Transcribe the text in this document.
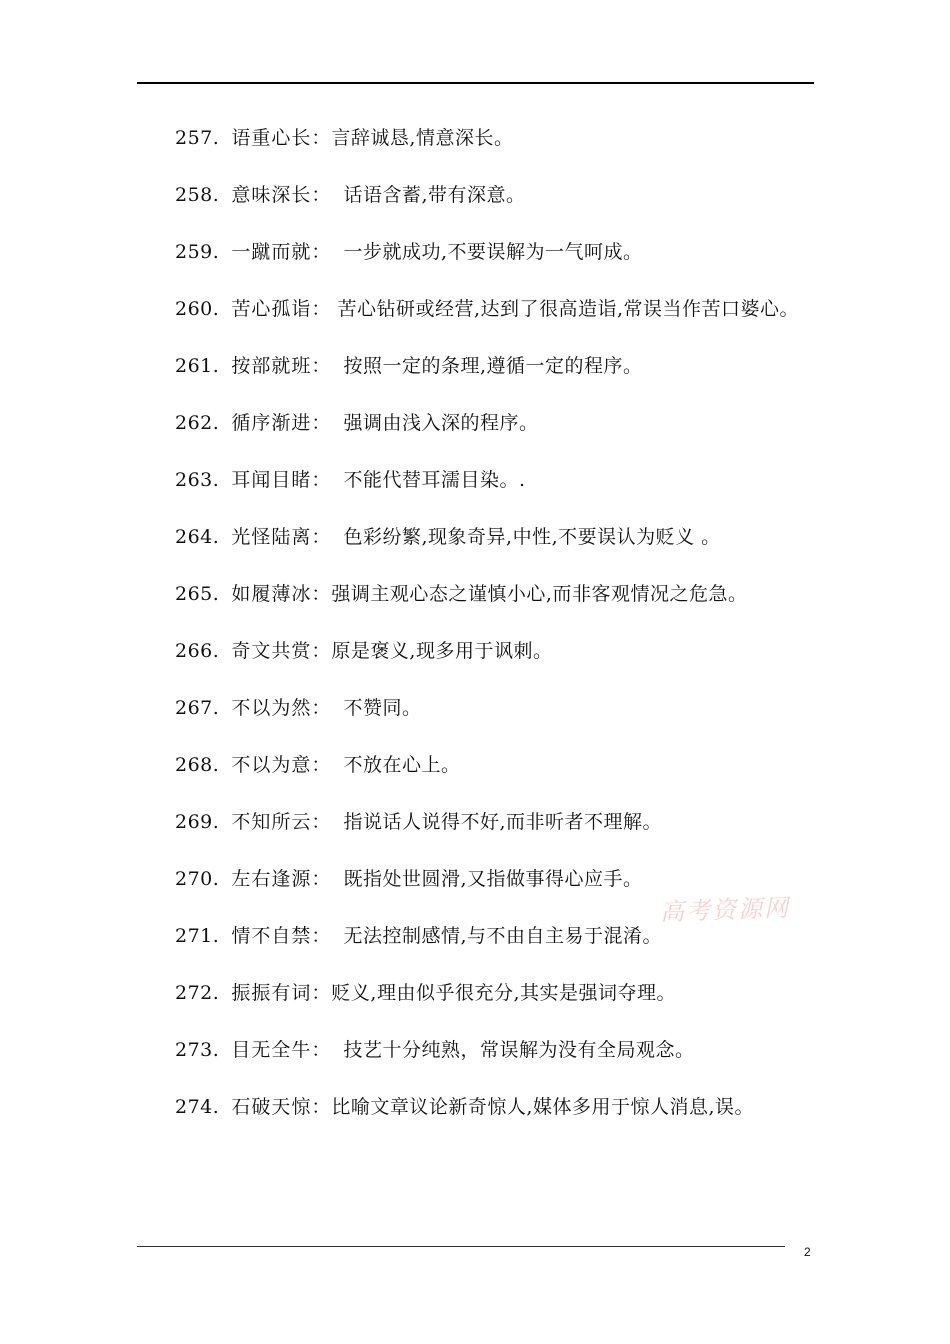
257. 语重心长：言辞诚恳,情意深长。

258. 意味深长： 话语含蓄,带有深意。

259. 一蹴而就： 一步就成功,不要误解为一气呵成。

260. 苦心孤诣： 苦心钻研或经营,达到了很高造诣,常误当作苦口婆心。

261. 按部就班： 按照一定的条理,遵循一定的程序。

262. 循序渐进： 强调由浅入深的程序。

263. 耳闻目睹： 不能代替耳濡目染。.

264. 光怪陆离： 色彩纷繁,现象奇异,中性,不要误认为贬义 。

265. 如履薄冰：强调主观心态之谨慎小心,而非客观情况之危急。

266. 奇文共赏：原是褒义,现多用于讽刺。

267. 不以为然： 不赞同。

268. 不以为意： 不放在心上。

269. 不知所云： 指说话人说得不好,而非听者不理解。

270. 左右逢源： 既指处世圆滑,又指做事得心应手。

271. 情不自禁： 无法控制感情,与不由自主易于混淆。

272. 振振有词：贬义,理由似乎很充分,其实是强词夺理。

273. 目无全牛： 技艺十分纯熟，常误解为没有全局观念。

274. 石破天惊：比喻文章议论新奇惊人,媒体多用于惊人消息,误。

高考资源网
2
